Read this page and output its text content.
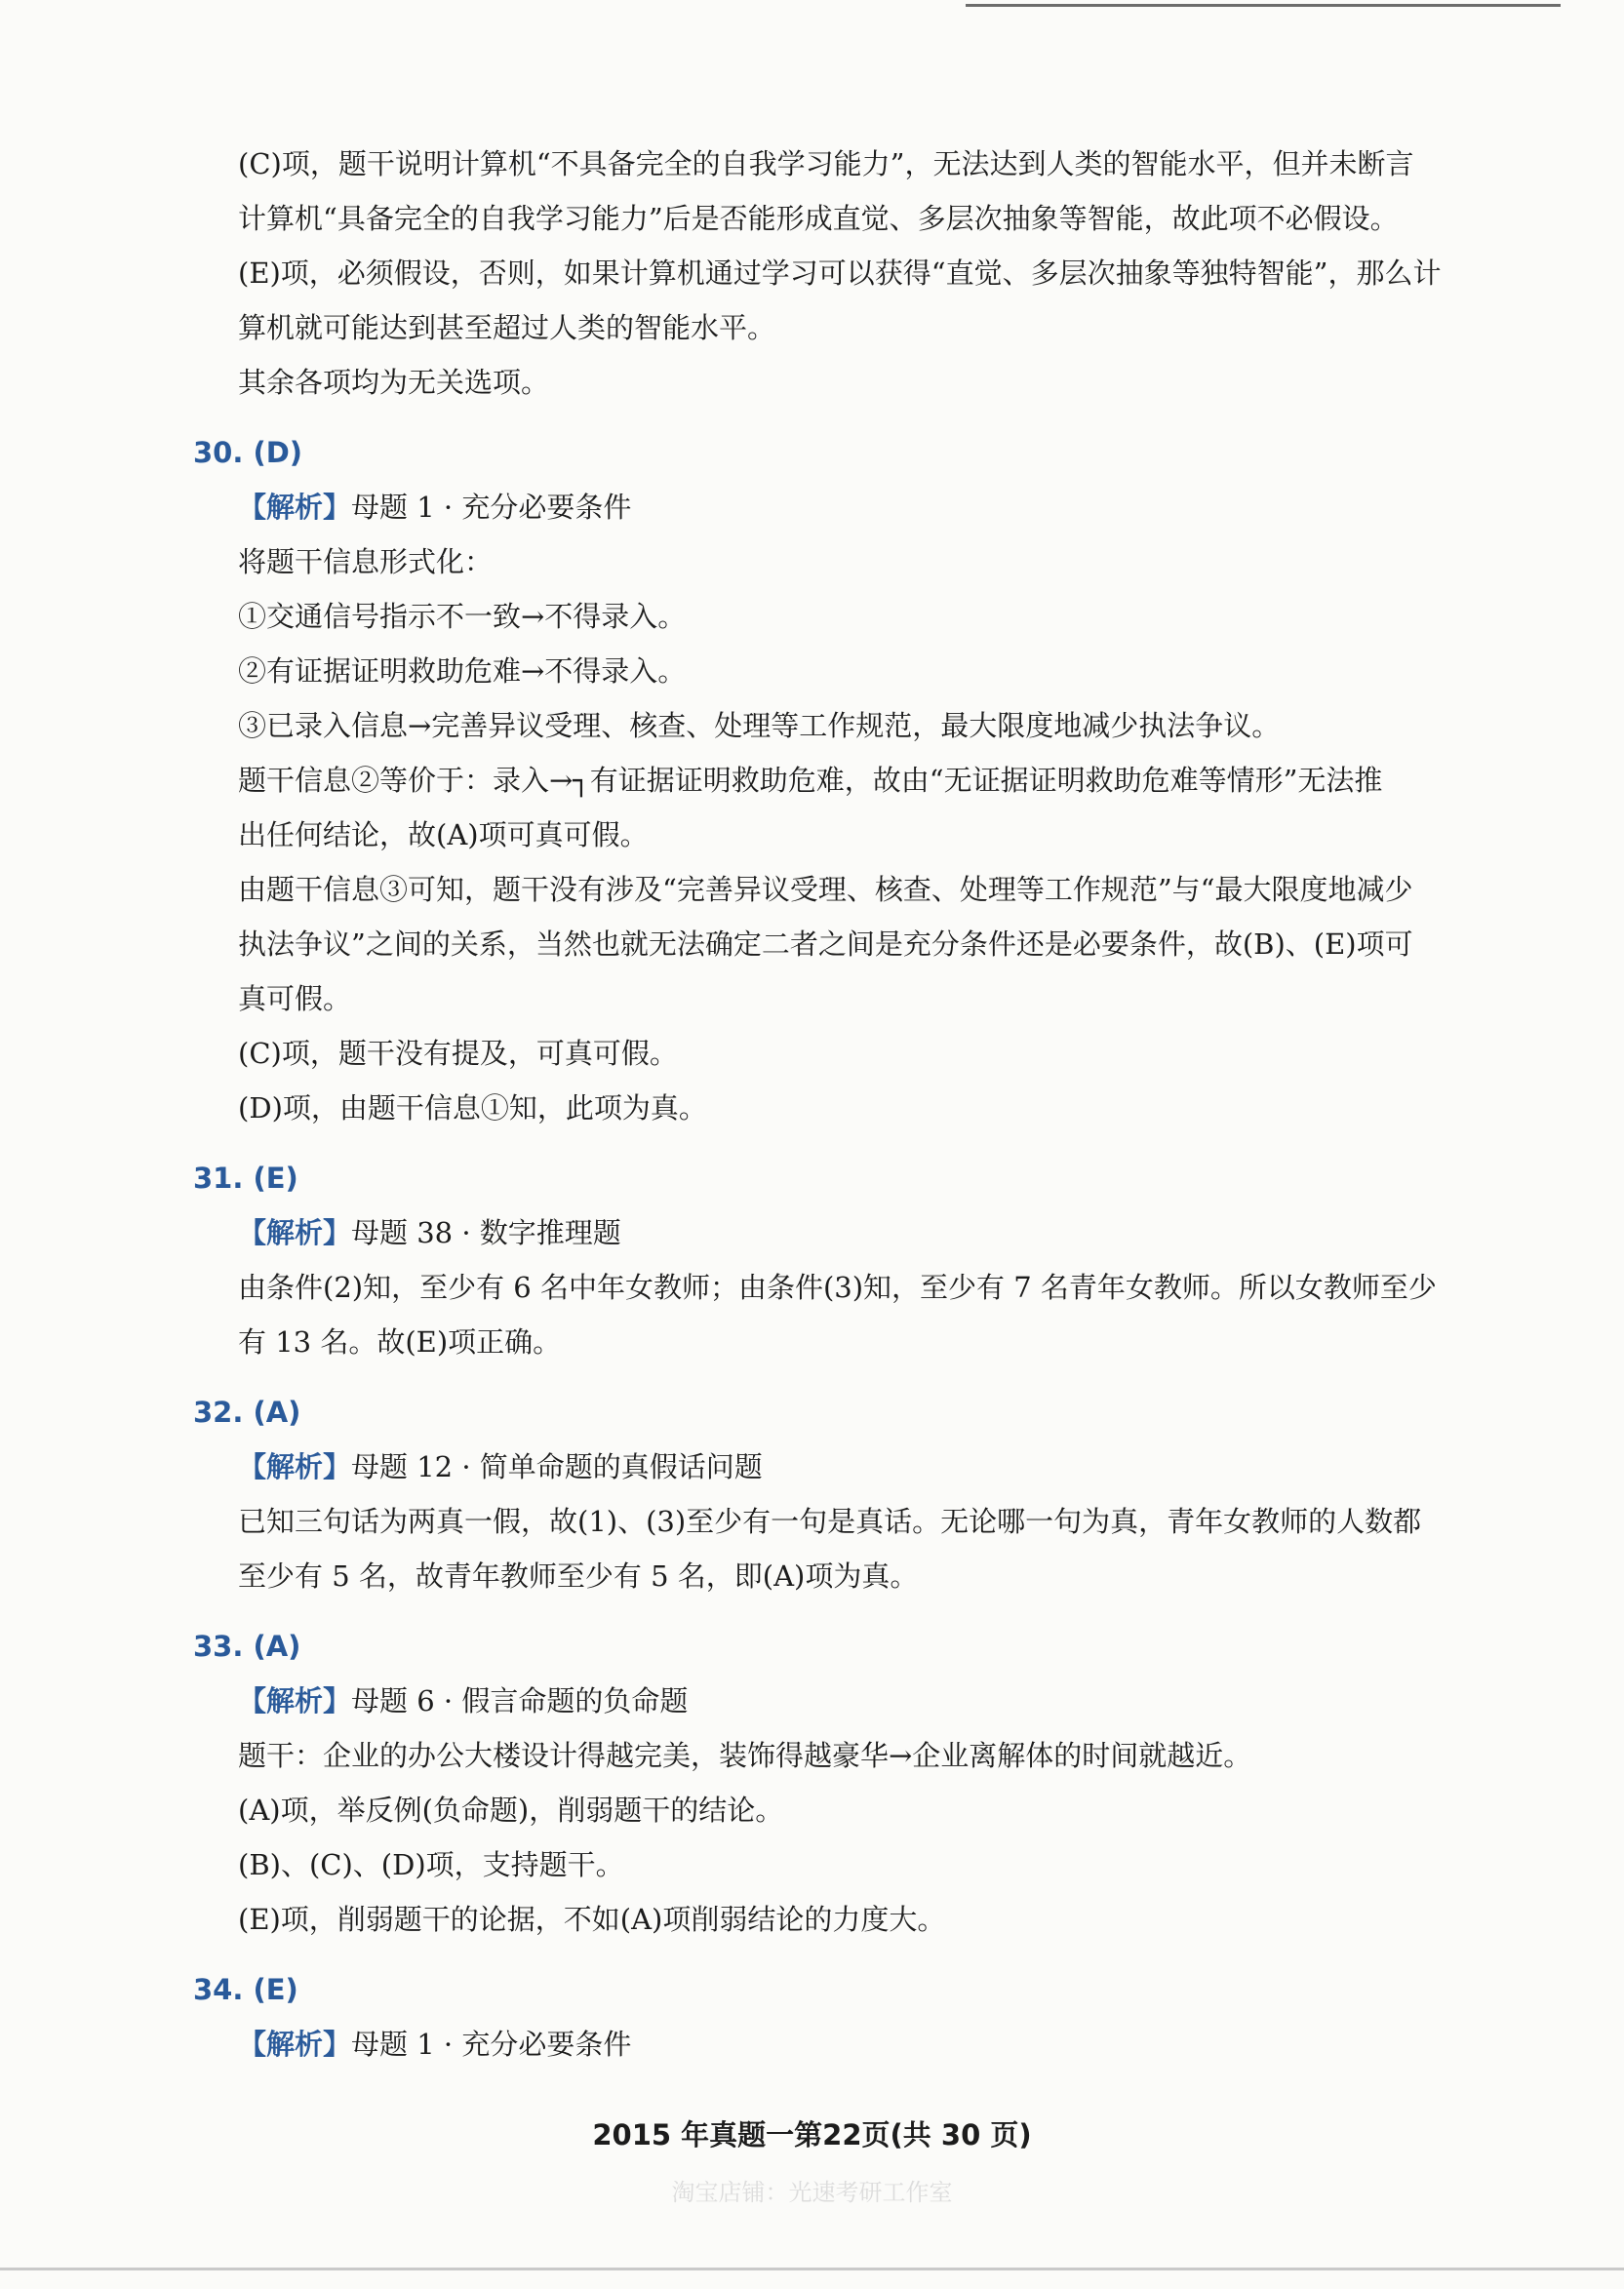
(C)项，题干说明计算机“不具备完全的自我学习能力”，无法达到人类的智能水平，但并未断言

计算机“具备完全的自我学习能力”后是否能形成直觉、多层次抽象等智能，故此项不必假设。

(E)项，必须假设，否则，如果计算机通过学习可以获得“直觉、多层次抽象等独特智能”，那么计

算机就可能达到甚至超过人类的智能水平。

其余各项均为无关选项。

30. (D)

【解析】母题 1 · 充分必要条件

将题干信息形式化：

①交通信号指示不一致→不得录入。

②有证据证明救助危难→不得录入。

③已录入信息→完善异议受理、核查、处理等工作规范，最大限度地减少执法争议。

题干信息②等价于：录入→┐有证据证明救助危难，故由“无证据证明救助危难等情形”无法推

出任何结论，故(A)项可真可假。

由题干信息③可知，题干没有涉及“完善异议受理、核查、处理等工作规范”与“最大限度地减少

执法争议”之间的关系，当然也就无法确定二者之间是充分条件还是必要条件，故(B)、(E)项可

真可假。

(C)项，题干没有提及，可真可假。

(D)项，由题干信息①知，此项为真。

31. (E)

【解析】母题 38 · 数字推理题

由条件(2)知，至少有 6 名中年女教师；由条件(3)知，至少有 7 名青年女教师。所以女教师至少

有 13 名。故(E)项正确。

32. (A)

【解析】母题 12 · 简单命题的真假话问题

已知三句话为两真一假，故(1)、(3)至少有一句是真话。无论哪一句为真，青年女教师的人数都

至少有 5 名，故青年教师至少有 5 名，即(A)项为真。

33. (A)

【解析】母题 6 · 假言命题的负命题

题干：企业的办公大楼设计得越完美，装饰得越豪华→企业离解体的时间就越近。

(A)项，举反例(负命题)，削弱题干的结论。

(B)、(C)、(D)项，支持题干。

(E)项，削弱题干的论据，不如(A)项削弱结论的力度大。

34. (E)

【解析】母题 1 · 充分必要条件

2015 年真题一第22页(共 30 页)
淘宝店铺：光速考研工作室
